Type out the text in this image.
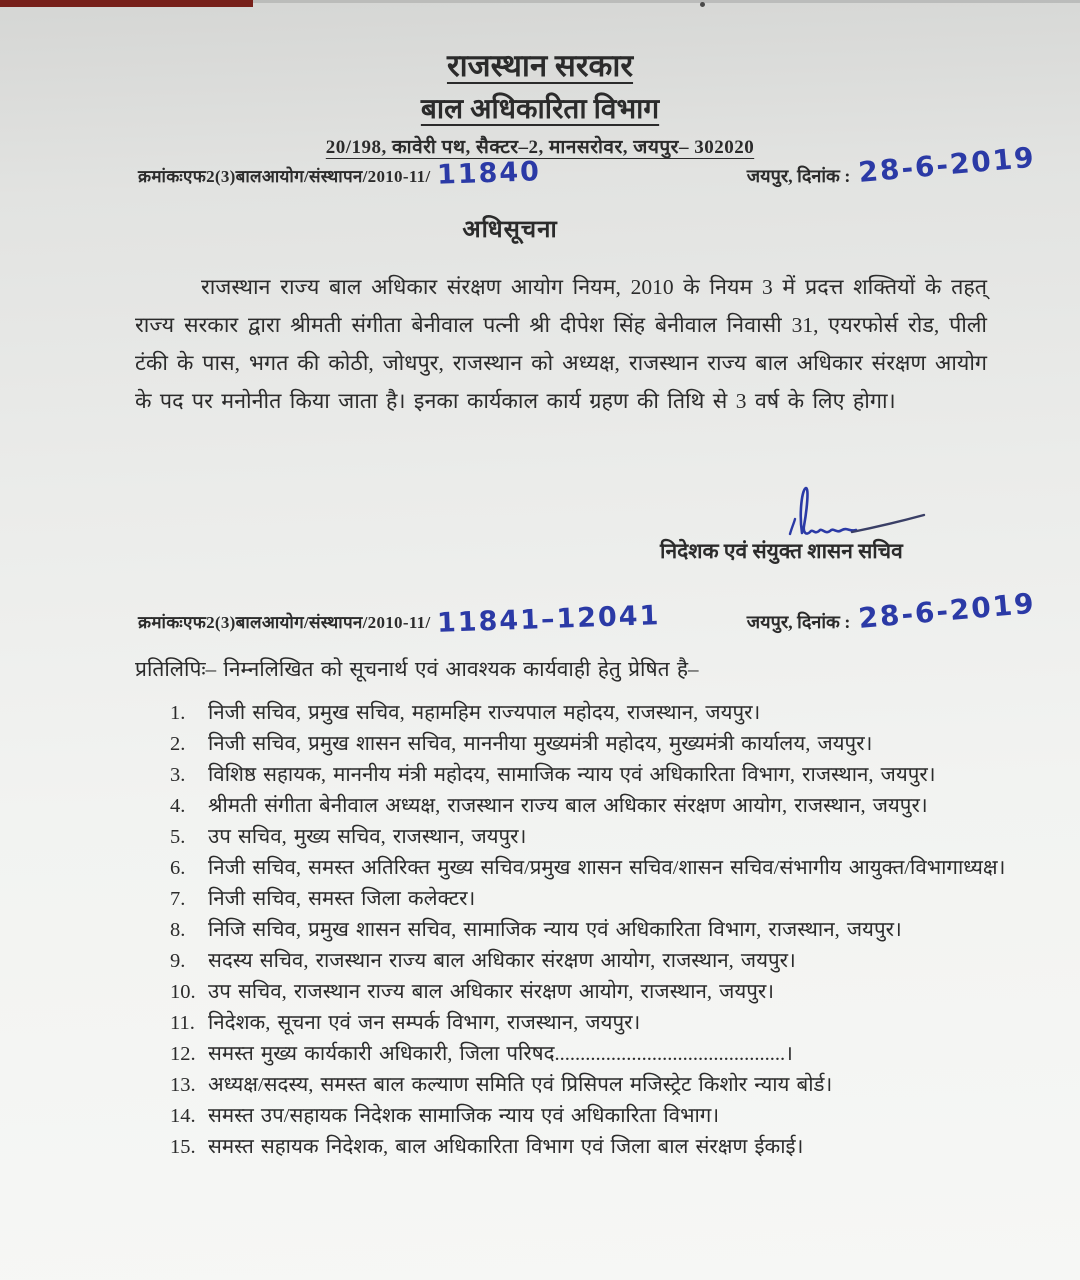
राजस्थान सरकार
बाल अधिकारिता विभाग
20/198, कावेरी पथ, सैक्टर–2, मानसरोवर, जयपुर– 302020
क्रमांकःएफ2(3)बालआयोग/संस्थापन/2010-11/ 11840	जयपुर, दिनांक : 28-6-2019
अधिसूचना

राजस्थान राज्य बाल अधिकार संरक्षण आयोग नियम, 2010 के नियम 3 में प्रदत्त शक्तियों के तहत् राज्य सरकार द्वारा श्रीमती संगीता बेनीवाल पत्नी श्री दीपेश सिंह बेनीवाल निवासी 31, एयरफोर्स रोड, पीली टंकी के पास, भगत की कोठी, जोधपुर, राजस्थान को अध्यक्ष, राजस्थान राज्य बाल अधिकार संरक्षण आयोग के पद पर मनोनीत किया जाता है। इनका कार्यकाल कार्य ग्रहण की तिथि से 3 वर्ष के लिए होगा।

निदेशक एवं संयुक्त शासन सचिव
क्रमांकःएफ2(3)बालआयोग/संस्थापन/2010-11/ 11841–12041	जयपुर, दिनांक : 28-6-2019
प्रतिलिपिः– निम्नलिखित को सूचनार्थ एवं आवश्यक कार्यवाही हेतु प्रेषित है–
1.	निजी सचिव, प्रमुख सचिव, महामहिम राज्यपाल महोदय, राजस्थान, जयपुर।
2.	निजी सचिव, प्रमुख शासन सचिव, माननीया मुख्यमंत्री महोदय, मुख्यमंत्री कार्यालय, जयपुर।
3.	विशिष्ठ सहायक, माननीय मंत्री महोदय, सामाजिक न्याय एवं अधिकारिता विभाग, राजस्थान, जयपुर।
4.	श्रीमती संगीता बेनीवाल अध्यक्ष, राजस्थान राज्य बाल अधिकार संरक्षण आयोग, राजस्थान, जयपुर।
5.	उप सचिव, मुख्य सचिव, राजस्थान, जयपुर।
6.	निजी सचिव, समस्त अतिरिक्त मुख्य सचिव/प्रमुख शासन सचिव/शासन सचिव/संभागीय आयुक्त/विभागाध्यक्ष।
7.	निजी सचिव, समस्त जिला कलेक्टर।
8.	निजि सचिव, प्रमुख शासन सचिव, सामाजिक न्याय एवं अधिकारिता विभाग, राजस्थान, जयपुर।
9.	सदस्य सचिव, राजस्थान राज्य बाल अधिकार संरक्षण आयोग, राजस्थान, जयपुर।
10. उप सचिव, राजस्थान राज्य बाल अधिकार संरक्षण आयोग, राजस्थान, जयपुर।
11. निदेशक, सूचना एवं जन सम्पर्क विभाग, राजस्थान, जयपुर।
12. समस्त मुख्य कार्यकारी अधिकारी, जिला परिषद.............................................।
13. अध्यक्ष/सदस्य, समस्त बाल कल्याण समिति एवं प्रिसिपल मजिस्ट्रेट किशोर न्याय बोर्ड।
14. समस्त उप/सहायक निदेशक सामाजिक न्याय एवं अधिकारिता विभाग।
15. समस्त सहायक निदेशक, बाल अधिकारिता विभाग एवं जिला बाल संरक्षण ईकाई।
